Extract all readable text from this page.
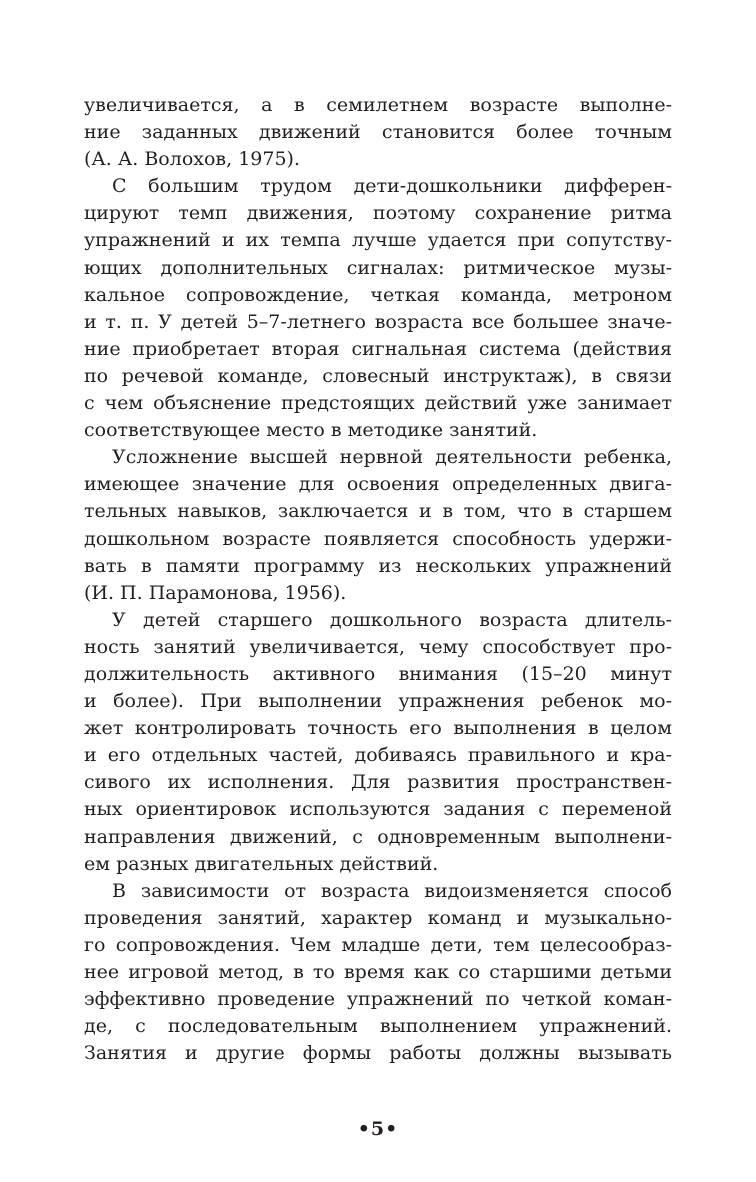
увеличивается, а в семилетнем возрасте выполне-
ние заданных движений становится более точным
(А. А. Волохов, 1975).
С большим трудом дети-дошкольники дифферен-
цируют темп движения, поэтому сохранение ритма
упражнений и их темпа лучше удается при сопутству-
ющих дополнительных сигналах: ритмическое музы-
кальное сопровождение, четкая команда, метроном
и т. п. У детей 5–7-летнего возраста все большее значе-
ние приобретает вторая сигнальная система (действия
по речевой команде, словесный инструктаж), в связи
с чем объяснение предстоящих действий уже занимает
соответствующее место в методике занятий.
Усложнение высшей нервной деятельности ребенка,
имеющее значение для освоения определенных двига-
тельных навыков, заключается и в том, что в старшем
дошкольном возрасте появляется способность удержи-
вать в памяти программу из нескольких упражнений
(И. П. Парамонова, 1956).
У детей старшего дошкольного возраста длитель-
ность занятий увеличивается, чему способствует про-
должительность активного внимания (15–20 минут
и более). При выполнении упражнения ребенок мо-
жет контролировать точность его выполнения в целом
и его отдельных частей, добиваясь правильного и кра-
сивого их исполнения. Для развития пространствен-
ных ориентировок используются задания с переменой
направления движений, с одновременным выполнени-
ем разных двигательных действий.
В зависимости от возраста видоизменяется способ
проведения занятий, характер команд и музыкально-
го сопровождения. Чем младше дети, тем целесообраз-
нее игровой метод, в то время как со старшими детьми
эффективно проведение упражнений по четкой коман-
де, с последовательным выполнением упражнений.
Занятия и другие формы работы должны вызывать
•5•
